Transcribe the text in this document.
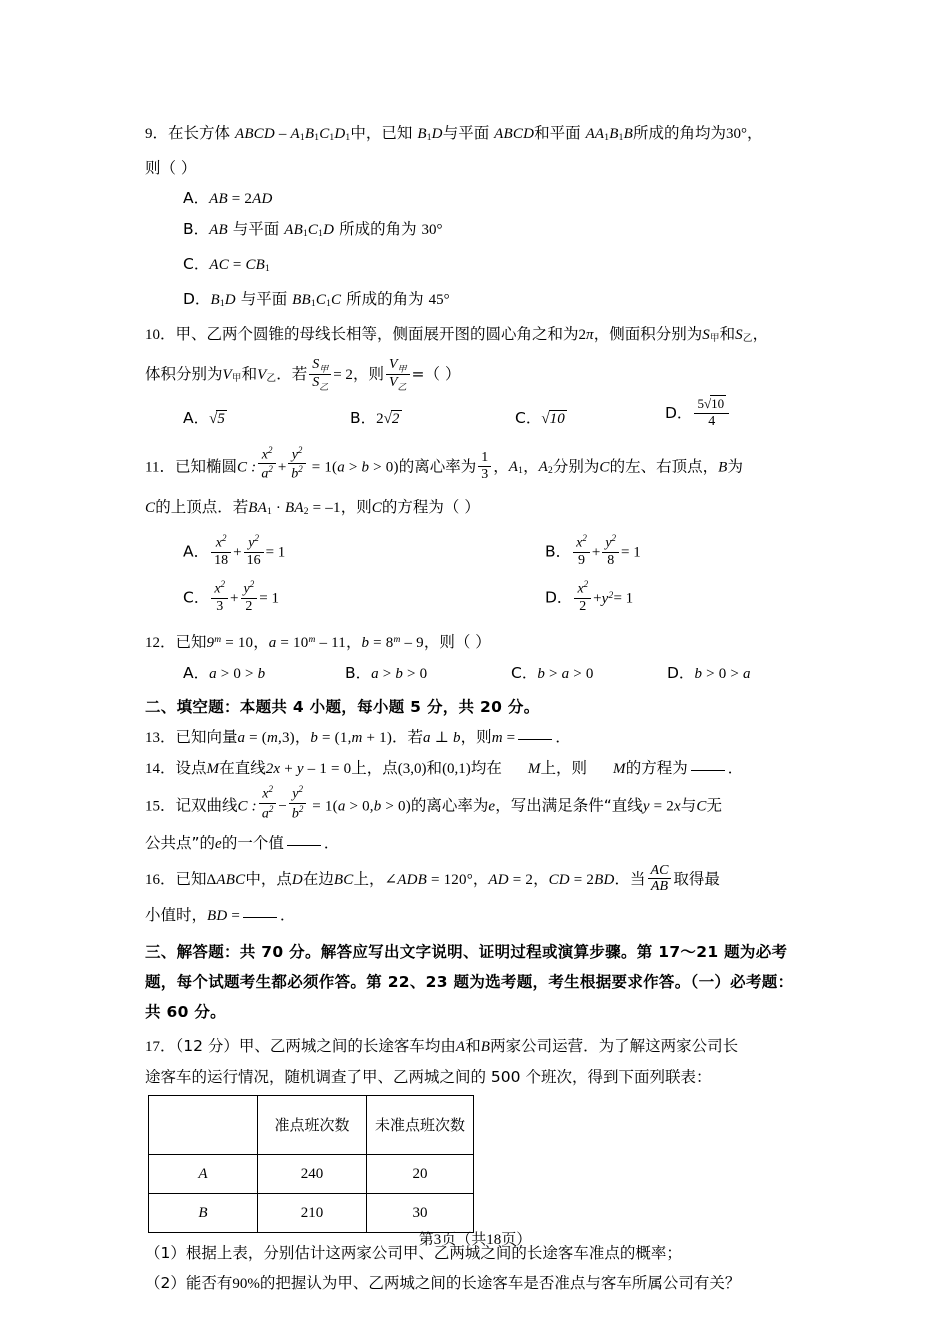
9．在长方体 ABCD – $A_1B_1C_1D_1$中，已知 $B_1D$与平面 ABCD和平面 $AA_1B_1B$所成的角均为30°，
则（ ）
A．AB = 2AD
B．AB 与平面 $AB_1C_1D$ 所成的角为 30°
C．AC = $CB_1$
D．$B_1D$ 与平面 $BB_1C_1C$ 所成的角为 45°
10．甲、乙两个圆锥的母线长相等，侧面展开图的圆心角之和为2π，侧面积分别为$S_甲$和$S_乙$，
体积分别为$V_甲$和$V_乙$．若 $\frac{S_甲}{S_乙} = 2$，则 $\frac{V_甲}{V_乙}$ =（ ）
A．√5	B．2√2	C．√10	D． $\frac{5√10}{4}$
11．已知椭圆C : $\frac{x^2}{a^2} + \frac{y^2}{b^2} = 1(a > b > 0)$的离心率为 $\frac{1}{3}$ ，$A_1$，$A_2$分别为C的左、右顶点，B为
C的上顶点．若$BA_1 \cdot BA_2 = -1$，则C的方程为（ ）
A． $\frac{x^2}{18} + \frac{y^2}{16} = 1$	B． $\frac{x^2}{9} + \frac{y^2}{8} = 1$
C． $\frac{x^2}{3} + \frac{y^2}{2} = 1$	D． $\frac{x^2}{2} +y^2= 1$
12．已知$9^m = 10$，$a = 10^m - 11$，$b = 8^m - 9$，则（ ）
A．a > 0 > b	B．a > b > 0	C．b > a > 0	D．b > 0 > a
二、填空题：本题共 4 小题，每小题 5 分，共 20 分。
13．已知向量a = (m,3)，b = (1,m + 1)．若a ⊥ b，则m =	．
14．设点M在直线2x + y – 1 = 0上，点(3,0)和(0,1)均在 M上，则 M的方程为	．
15．记双曲线C : $\frac{x^2}{a^2} - \frac{y^2}{b^2} = 1(a > 0,b > 0)$的离心率为e，写出满足条件“直线y = 2x与C无
公共点”的e的一个值	．
16．已知ΔABC中，点D在边BC上，∠ADB = 120°，AD = 2，CD = 2BD．当 $\frac{AC}{AB}$ 取得最
小值时，BD =	．
三、解答题：共 70 分。解答应写出文字说明、证明过程或演算步骤。第 17～21 题为必考
题，每个试题考生都必须作答。第 22、23 题为选考题，考生根据要求作答。（一）必考题：
共 60 分。
17．（12 分）甲、乙两城之间的长途客车均由A和B两家公司运营．为了解这两家公司长
途客车的运行情况，随机调查了甲、乙两城之间的 500 个班次，得到下面列联表：
	准点班次数	未准点班次数
A	240	20
B	210	30
（1）根据上表，分别估计这两家公司甲、乙两城之间的长途客车准点的概率；
（2）能否有90%的把握认为甲、乙两城之间的长途客车是否准点与客车所属公司有关？
第3页（共18页）
